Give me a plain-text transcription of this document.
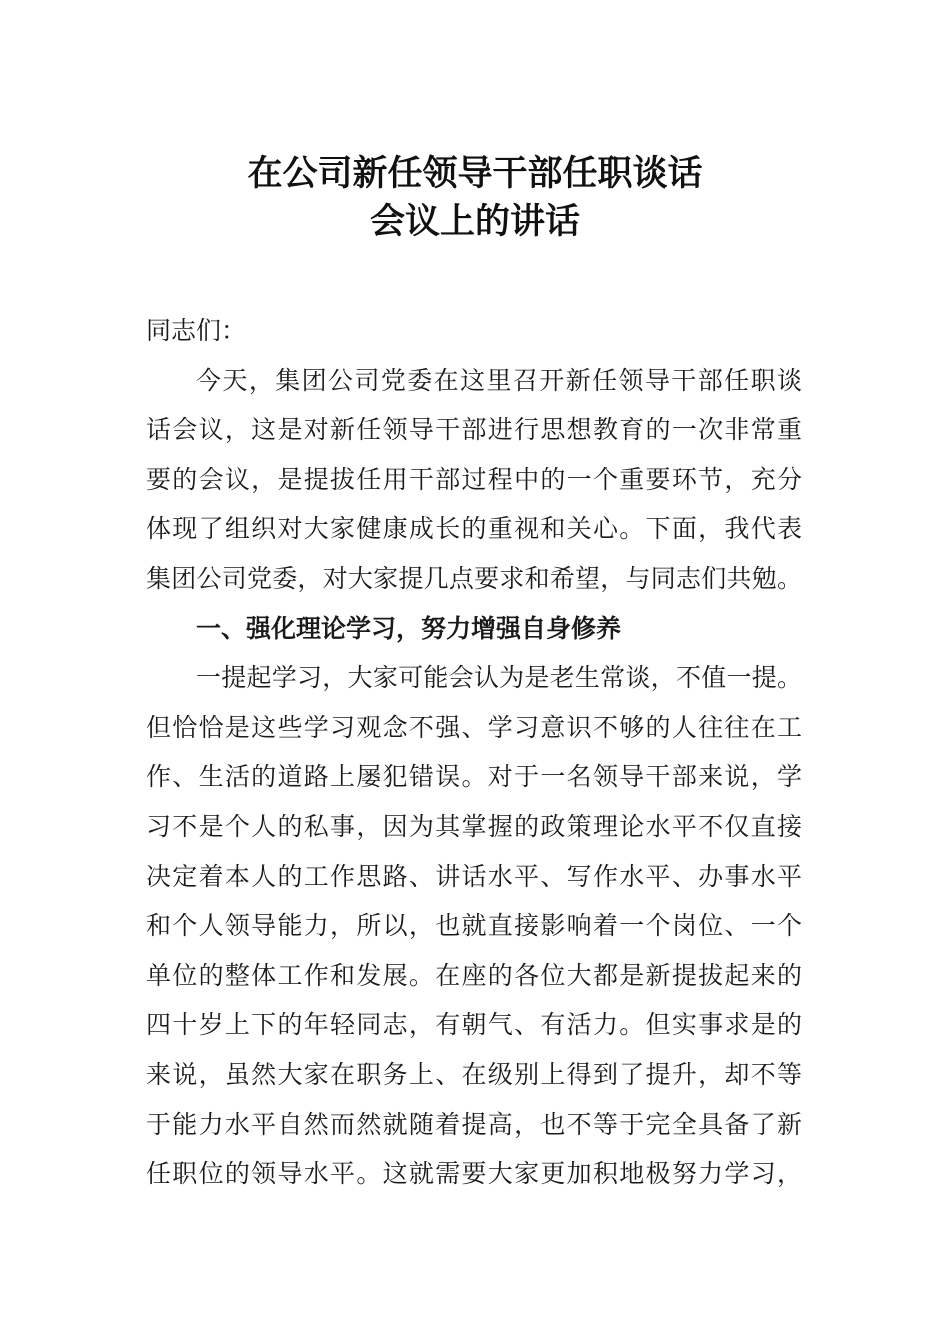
在公司新任领导干部任职谈话
会议上的讲话

同志们：

今天，集团公司党委在这里召开新任领导干部任职谈

话会议，这是对新任领导干部进行思想教育的一次非常重

要的会议，是提拔任用干部过程中的一个重要环节，充分

体现了组织对大家健康成长的重视和关心。下面，我代表

集团公司党委，对大家提几点要求和希望，与同志们共勉。

一、强化理论学习，努力增强自身修养

一提起学习，大家可能会认为是老生常谈，不值一提。

但恰恰是这些学习观念不强、学习意识不够的人往往在工

作、生活的道路上屡犯错误。对于一名领导干部来说，学

习不是个人的私事，因为其掌握的政策理论水平不仅直接

决定着本人的工作思路、讲话水平、写作水平、办事水平

和个人领导能力，所以，也就直接影响着一个岗位、一个

单位的整体工作和发展。在座的各位大都是新提拔起来的

四十岁上下的年轻同志，有朝气、有活力。但实事求是的

来说，虽然大家在职务上、在级别上得到了提升，却不等

于能力水平自然而然就随着提高，也不等于完全具备了新

任职位的领导水平。这就需要大家更加积地极努力学习，
